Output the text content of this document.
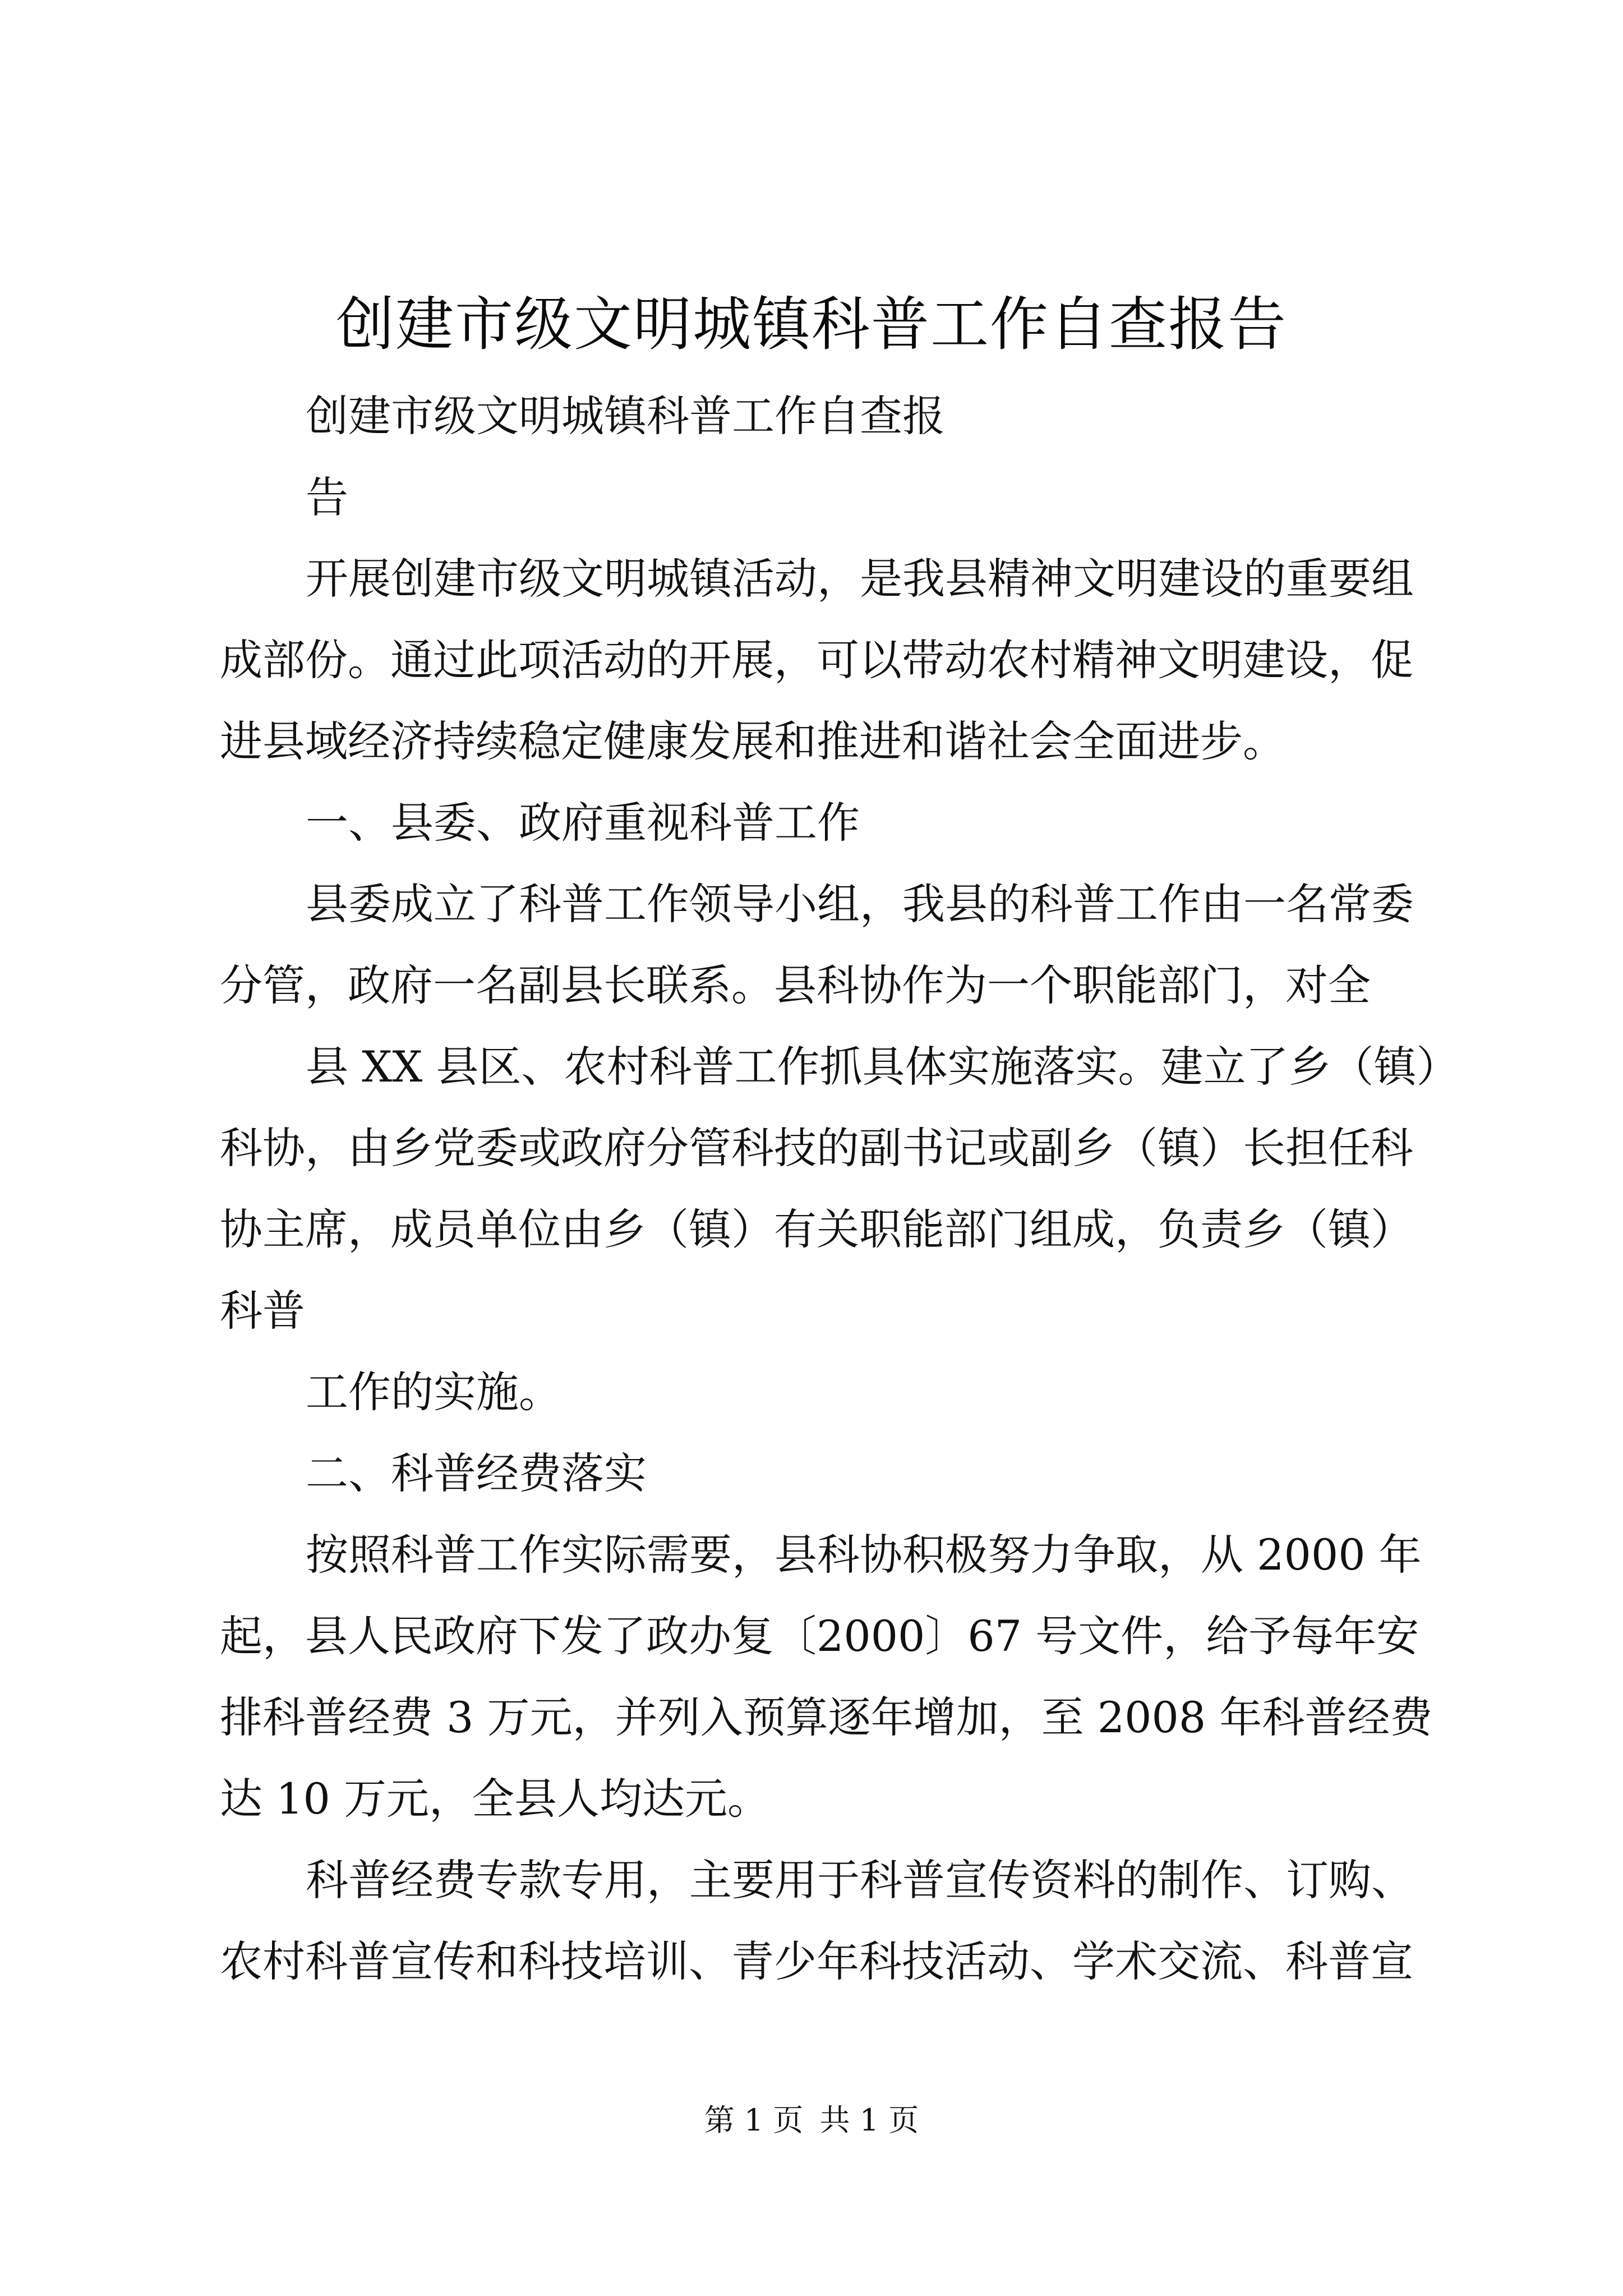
创建市级文明城镇科普工作自查报告
创建市级文明城镇科普工作自查报
告
开展创建市级文明城镇活动，是我县精神文明建设的重要组
成部份。通过此项活动的开展，可以带动农村精神文明建设，促
进县域经济持续稳定健康发展和推进和谐社会全面进步。
一、县委、政府重视科普工作
县委成立了科普工作领导小组，我县的科普工作由一名常委
分管，政府一名副县长联系。县科协作为一个职能部门，对全
县 XX 县区、农村科普工作抓具体实施落实。建立了乡（镇）
科协，由乡党委或政府分管科技的副书记或副乡（镇）长担任科
协主席，成员单位由乡（镇）有关职能部门组成，负责乡（镇）
科普
工作的实施。
二、科普经费落实
按照科普工作实际需要，县科协积极努力争取，从 2000 年
起，县人民政府下发了政办复〔2000〕67 号文件，给予每年安
排科普经费 3 万元，并列入预算逐年增加，至 2008 年科普经费
达 10 万元，全县人均达元。
科普经费专款专用，主要用于科普宣传资料的制作、订购、
农村科普宣传和科技培训、青少年科技活动、学术交流、科普宣
第 1 页 共 1 页
